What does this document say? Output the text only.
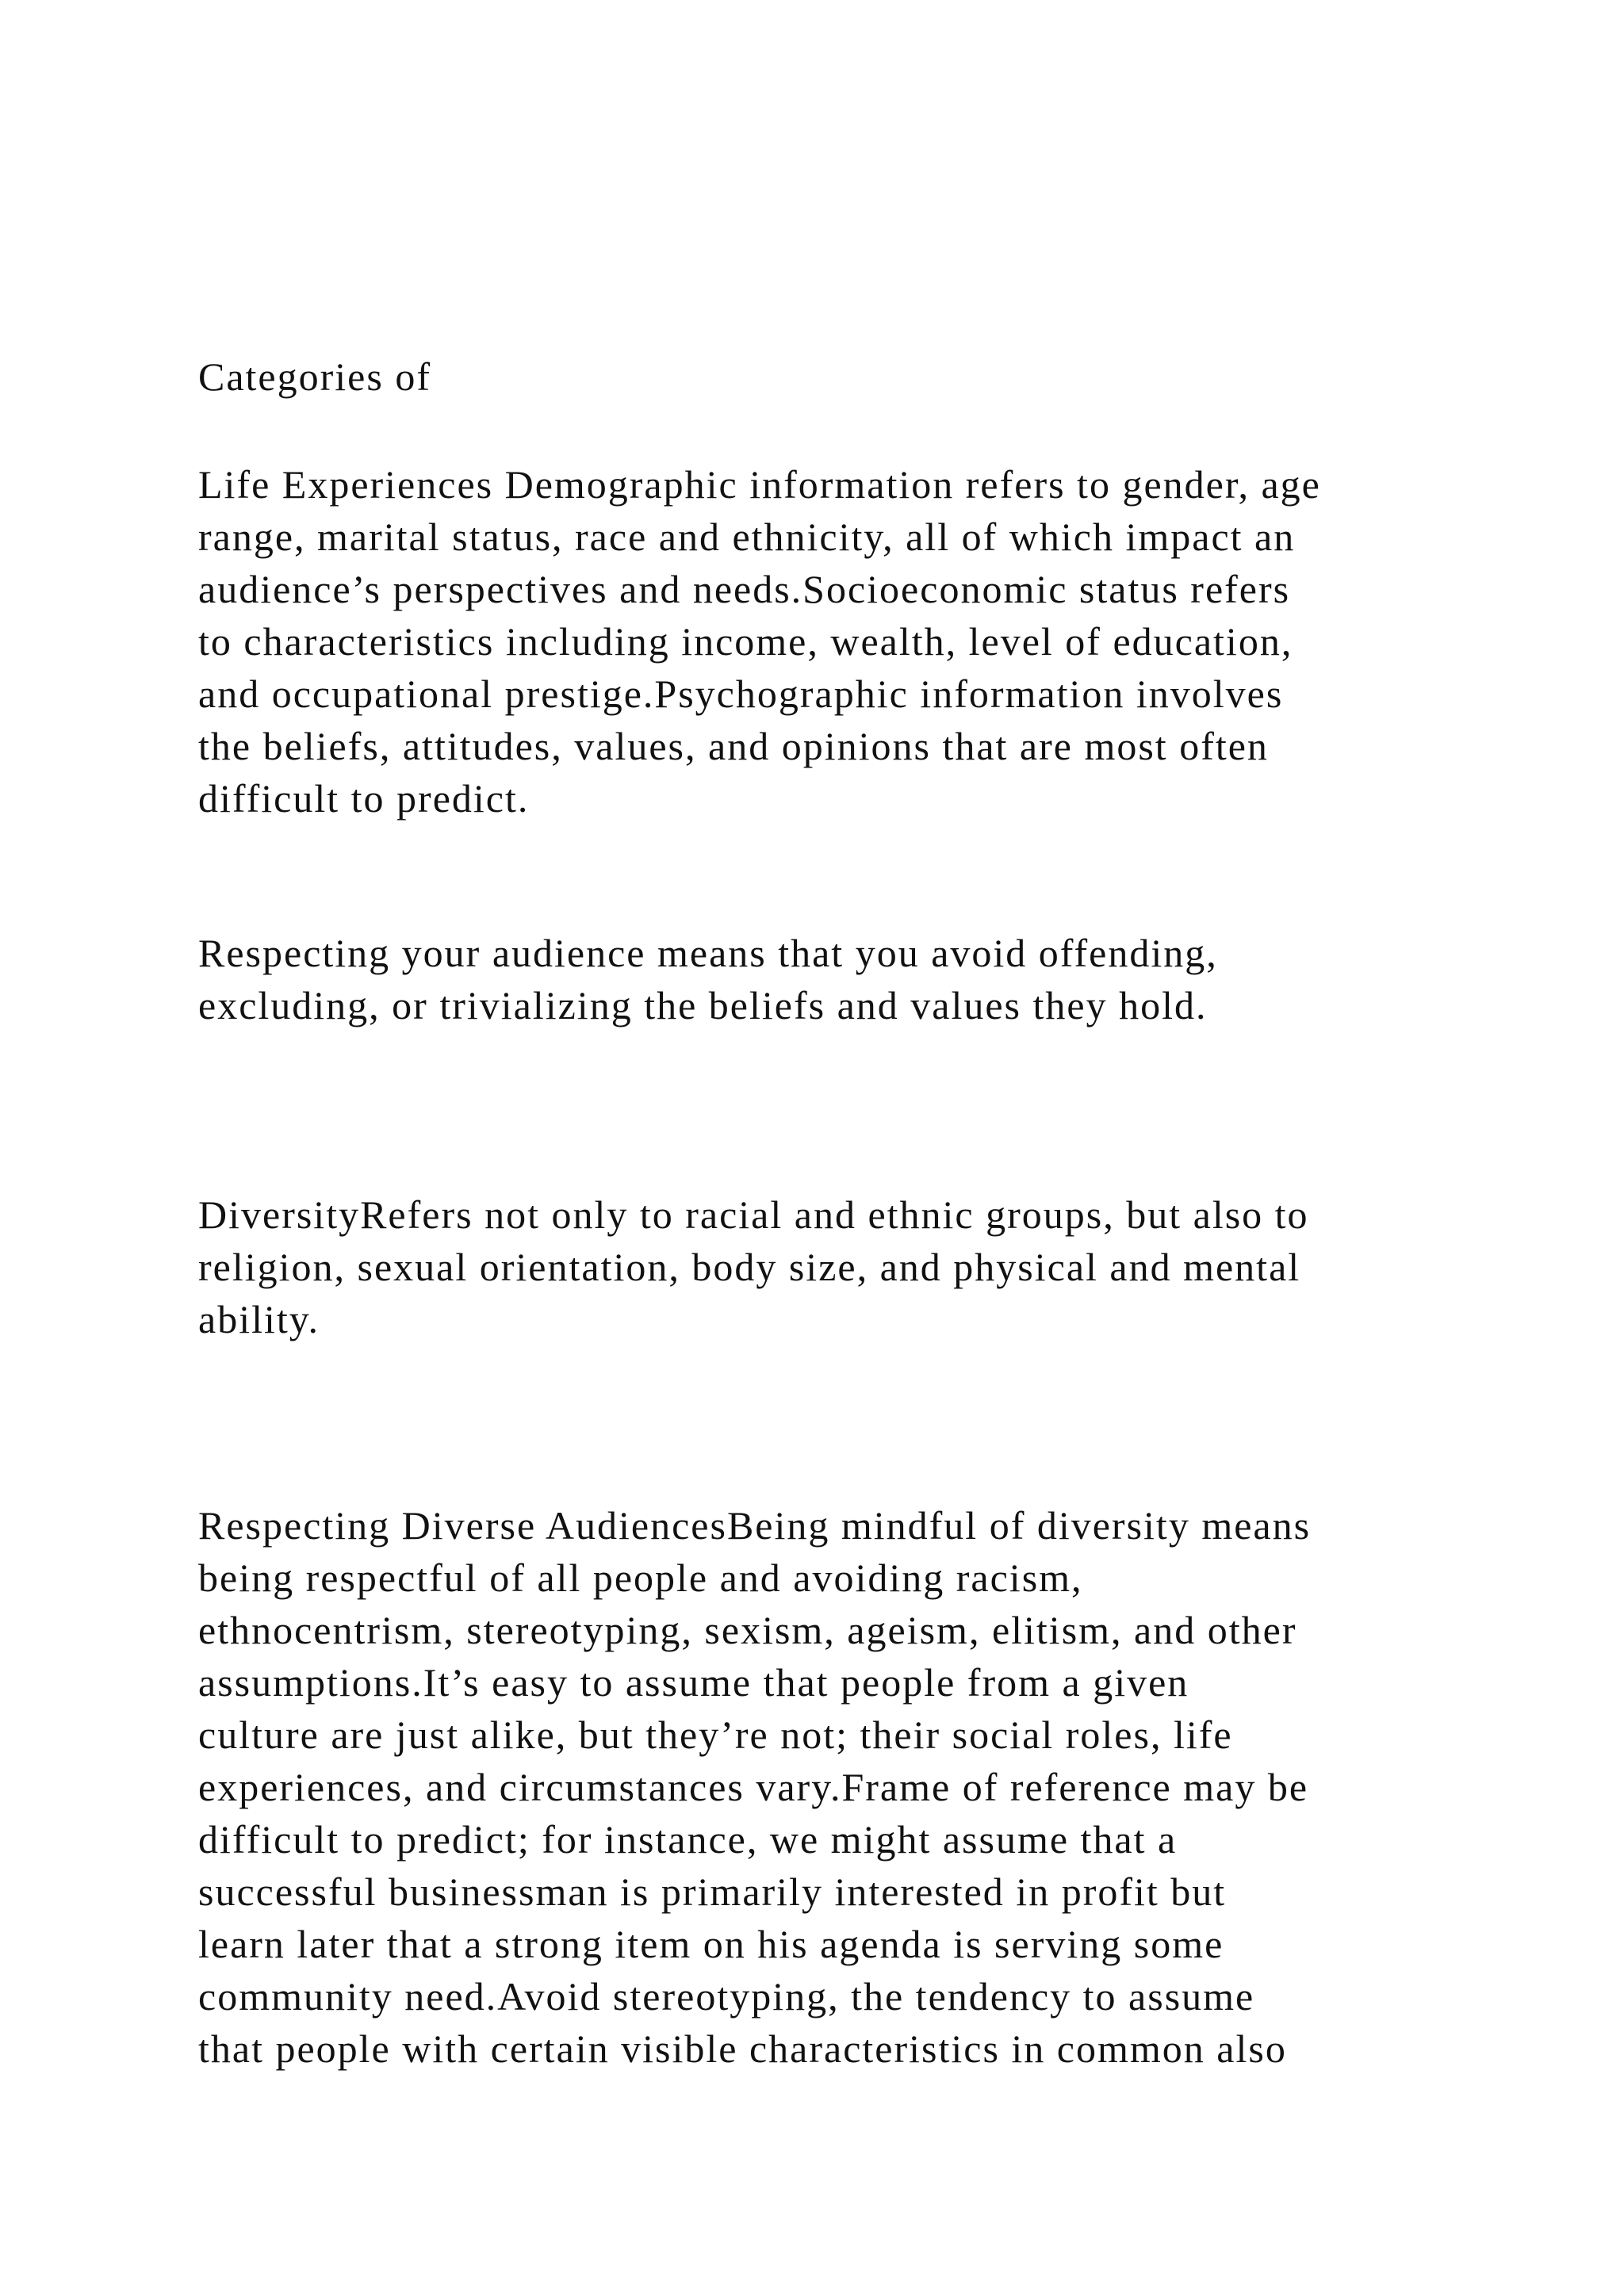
Categories of

Life Experiences Demographic information refers to gender, age
range, marital status, race and ethnicity, all of which impact an
audience’s perspectives and needs.Socioeconomic status refers
to characteristics including income, wealth, level of education,
and occupational prestige.Psychographic information involves
the beliefs, attitudes, values, and opinions that are most often
difficult to predict.

Respecting your audience means that you avoid offending,
excluding, or trivializing the beliefs and values they hold.

DiversityRefers not only to racial and ethnic groups, but also to
religion, sexual orientation, body size, and physical and mental
ability.

Respecting Diverse AudiencesBeing mindful of diversity means
being respectful of all people and avoiding racism,
ethnocentrism, stereotyping, sexism, ageism, elitism, and other
assumptions.It’s easy to assume that people from a given
culture are just alike, but they’re not; their social roles, life
experiences, and circumstances vary.Frame of reference may be
difficult to predict; for instance, we might assume that a
successful businessman is primarily interested in profit but
learn later that a strong item on his agenda is serving some
community need.Avoid stereotyping, the tendency to assume
that people with certain visible characteristics in common also
